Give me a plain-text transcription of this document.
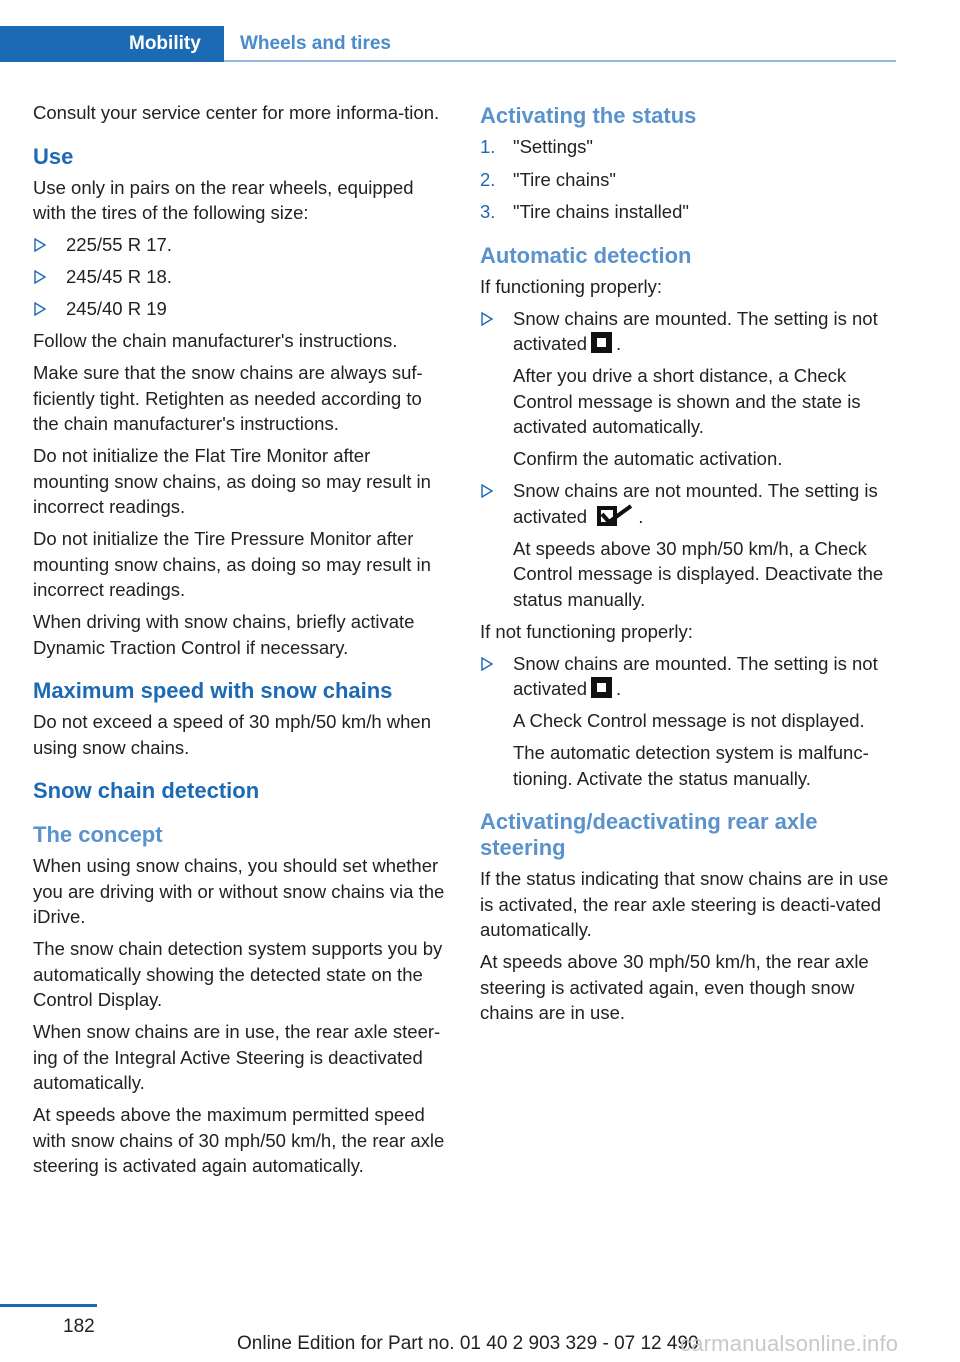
Mobility	Wheels and tires

Consult your service center for more informa‐tion.

Use

Use only in pairs on the rear wheels, equipped with the tires of the following size:

225/55 R 17.
245/45 R 18.
245/40 R 19

Follow the chain manufacturer's instructions.

Make sure that the snow chains are always suf‐ficiently tight. Retighten as needed according to the chain manufacturer's instructions.

Do not initialize the Flat Tire Monitor after mounting snow chains, as doing so may result in incorrect readings.

Do not initialize the Tire Pressure Monitor after mounting snow chains, as doing so may result in incorrect readings.

When driving with snow chains, briefly activate Dynamic Traction Control if necessary.

Maximum speed with snow chains

Do not exceed a speed of 30 mph/50 km/h when using snow chains.

Snow chain detection
The concept

When using snow chains, you should set whether you are driving with or without snow chains via the iDrive.

The snow chain detection system supports you by automatically showing the detected state on the Control Display.

When snow chains are in use, the rear axle steer‐ing of the Integral Active Steering is deactivated automatically.

At speeds above the maximum permitted speed with snow chains of 30 mph/50 km/h, the rear axle steering is activated again automatically.

Activating the status
1. "Settings"
2. "Tire chains"
3. "Tire chains installed"
Automatic detection

If functioning properly:

Snow chains are mounted. The setting is not activated .
After you drive a short distance, a Check Control message is shown and the state is activated automatically.
Confirm the automatic activation.
Snow chains are not mounted. The setting is activated	.
At speeds above 30 mph/50 km/h, a Check Control message is displayed. Deactivate the status manually.

If not functioning properly:

Snow chains are mounted. The setting is not activated .
A Check Control message is not displayed.
The automatic detection system is malfunc‐tioning. Activate the status manually.
Activating/deactivating rear axle steering

If the status indicating that snow chains are in use is activated, the rear axle steering is deacti‐vated automatically.

At speeds above 30 mph/50 km/h, the rear axle steering is activated again, even though snow chains are in use.

182
Online Edition for Part no. 01 40 2 903 329 - 07 12 490
carmanualsonline.info
